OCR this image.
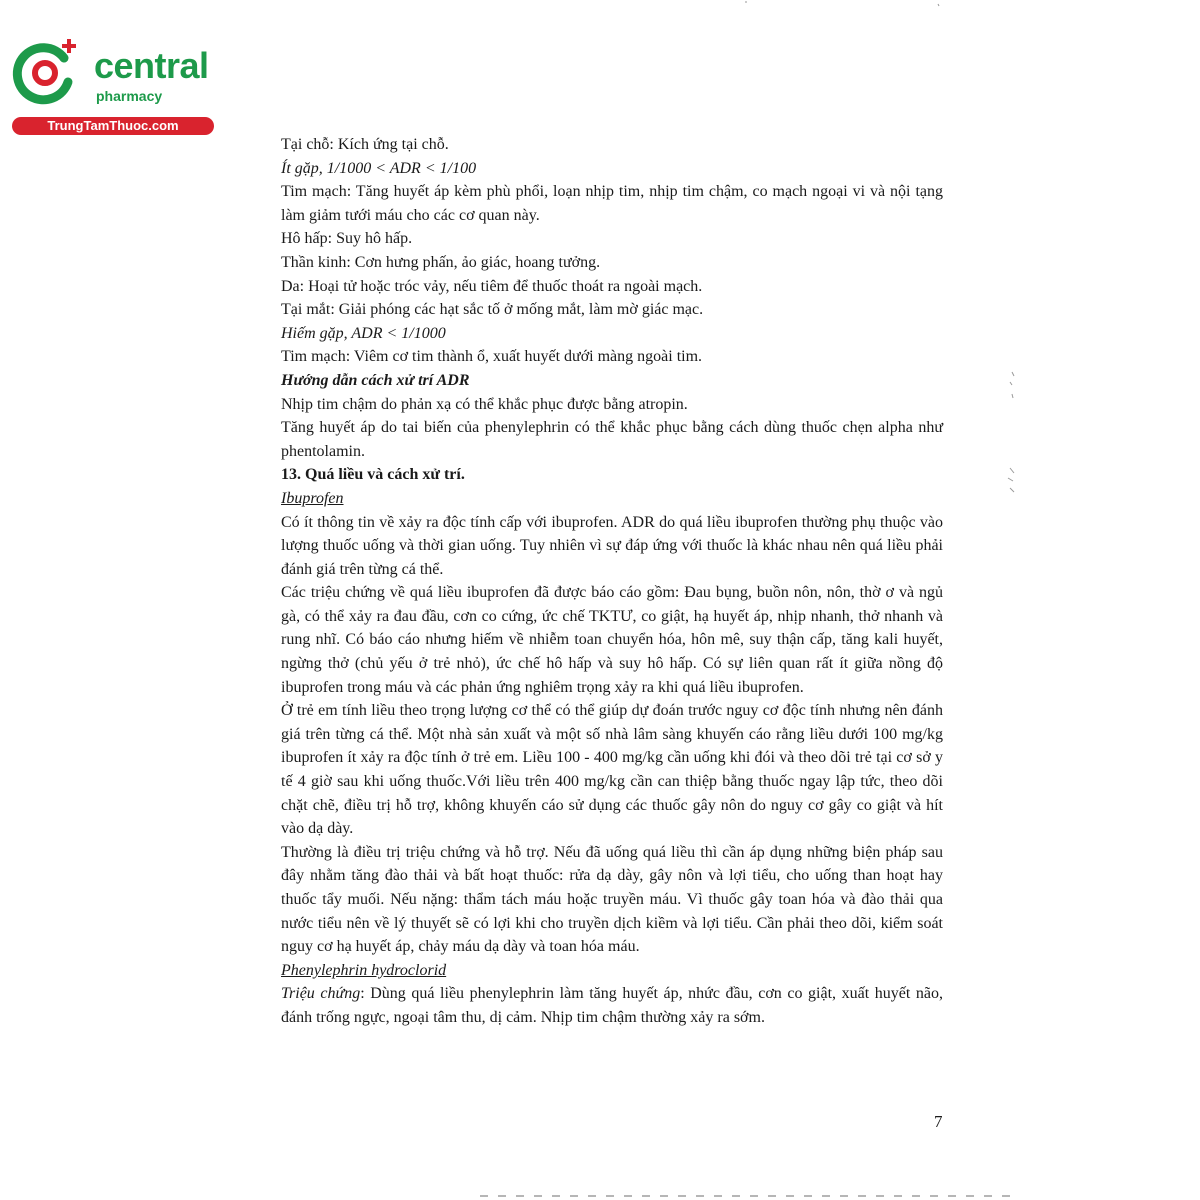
central
pharmacy
TrungTamThuoc.com

Tại chỗ: Kích ứng tại chỗ.

Ít gặp, 1/1000 < ADR < 1/100

Tim mạch: Tăng huyết áp kèm phù phổi, loạn nhịp tim, nhịp tim chậm, co mạch ngoại vi và nội tạng làm giảm tưới máu cho các cơ quan này.

Hô hấp: Suy hô hấp.

Thần kinh: Cơn hưng phấn, ảo giác, hoang tưởng.

Da: Hoại tử hoặc tróc vảy, nếu tiêm để thuốc thoát ra ngoài mạch.

Tại mắt: Giải phóng các hạt sắc tố ở mống mắt, làm mờ giác mạc.

Hiếm gặp, ADR < 1/1000

Tim mạch: Viêm cơ tim thành ổ, xuất huyết dưới màng ngoài tim.

Hướng dẫn cách xử trí ADR

Nhịp tim chậm do phản xạ có thể khắc phục được bằng atropin.

Tăng huyết áp do tai biến của phenylephrin có thể khắc phục bằng cách dùng thuốc chẹn alpha như phentolamin.

13. Quá liều và cách xử trí.

Ibuprofen

Có ít thông tin về xảy ra độc tính cấp với ibuprofen. ADR do quá liều ibuprofen thường phụ thuộc vào lượng thuốc uống và thời gian uống. Tuy nhiên vì sự đáp ứng với thuốc là khác nhau nên quá liều phải đánh giá trên từng cá thể.

Các triệu chứng về quá liều ibuprofen đã được báo cáo gồm: Đau bụng, buồn nôn, nôn, thờ ơ và ngủ gà, có thể xảy ra đau đầu, cơn co cứng, ức chế TKTƯ, co giật, hạ huyết áp, nhịp nhanh, thở nhanh và rung nhĩ. Có báo cáo nhưng hiếm về nhiễm toan chuyển hóa, hôn mê, suy thận cấp, tăng kali huyết, ngừng thở (chủ yếu ở trẻ nhỏ), ức chế hô hấp và suy hô hấp. Có sự liên quan rất ít giữa nồng độ ibuprofen trong máu và các phản ứng nghiêm trọng xảy ra khi quá liều ibuprofen.

Ở trẻ em tính liều theo trọng lượng cơ thể có thể giúp dự đoán trước nguy cơ độc tính nhưng nên đánh giá trên từng cá thể. Một nhà sản xuất và một số nhà lâm sàng khuyến cáo rằng liều dưới 100 mg/kg ibuprofen ít xảy ra độc tính ở trẻ em. Liều 100 - 400 mg/kg cần uống khi đói và theo dõi trẻ tại cơ sở y tế 4 giờ sau khi uống thuốc.Với liều trên 400 mg/kg cần can thiệp bằng thuốc ngay lập tức, theo dõi chặt chẽ, điều trị hỗ trợ, không khuyến cáo sử dụng các thuốc gây nôn do nguy cơ gây co giật và hít vào dạ dày.

Thường là điều trị triệu chứng và hỗ trợ. Nếu đã uống quá liều thì cần áp dụng những biện pháp sau đây nhằm tăng đào thải và bất hoạt thuốc: rửa dạ dày, gây nôn và lợi tiểu, cho uống than hoạt hay thuốc tẩy muối. Nếu nặng: thẩm tách máu hoặc truyền máu. Vì thuốc gây toan hóa và đào thải qua nước tiểu nên về lý thuyết sẽ có lợi khi cho truyền dịch kiềm và lợi tiểu. Cần phải theo dõi, kiểm soát nguy cơ hạ huyết áp, chảy máu dạ dày và toan hóa máu.

Phenylephrin hydroclorid

Triệu chứng: Dùng quá liều phenylephrin làm tăng huyết áp, nhức đầu, cơn co giật, xuất huyết não, đánh trống ngực, ngoại tâm thu, dị cảm. Nhịp tim chậm thường xảy ra sớm.

7
